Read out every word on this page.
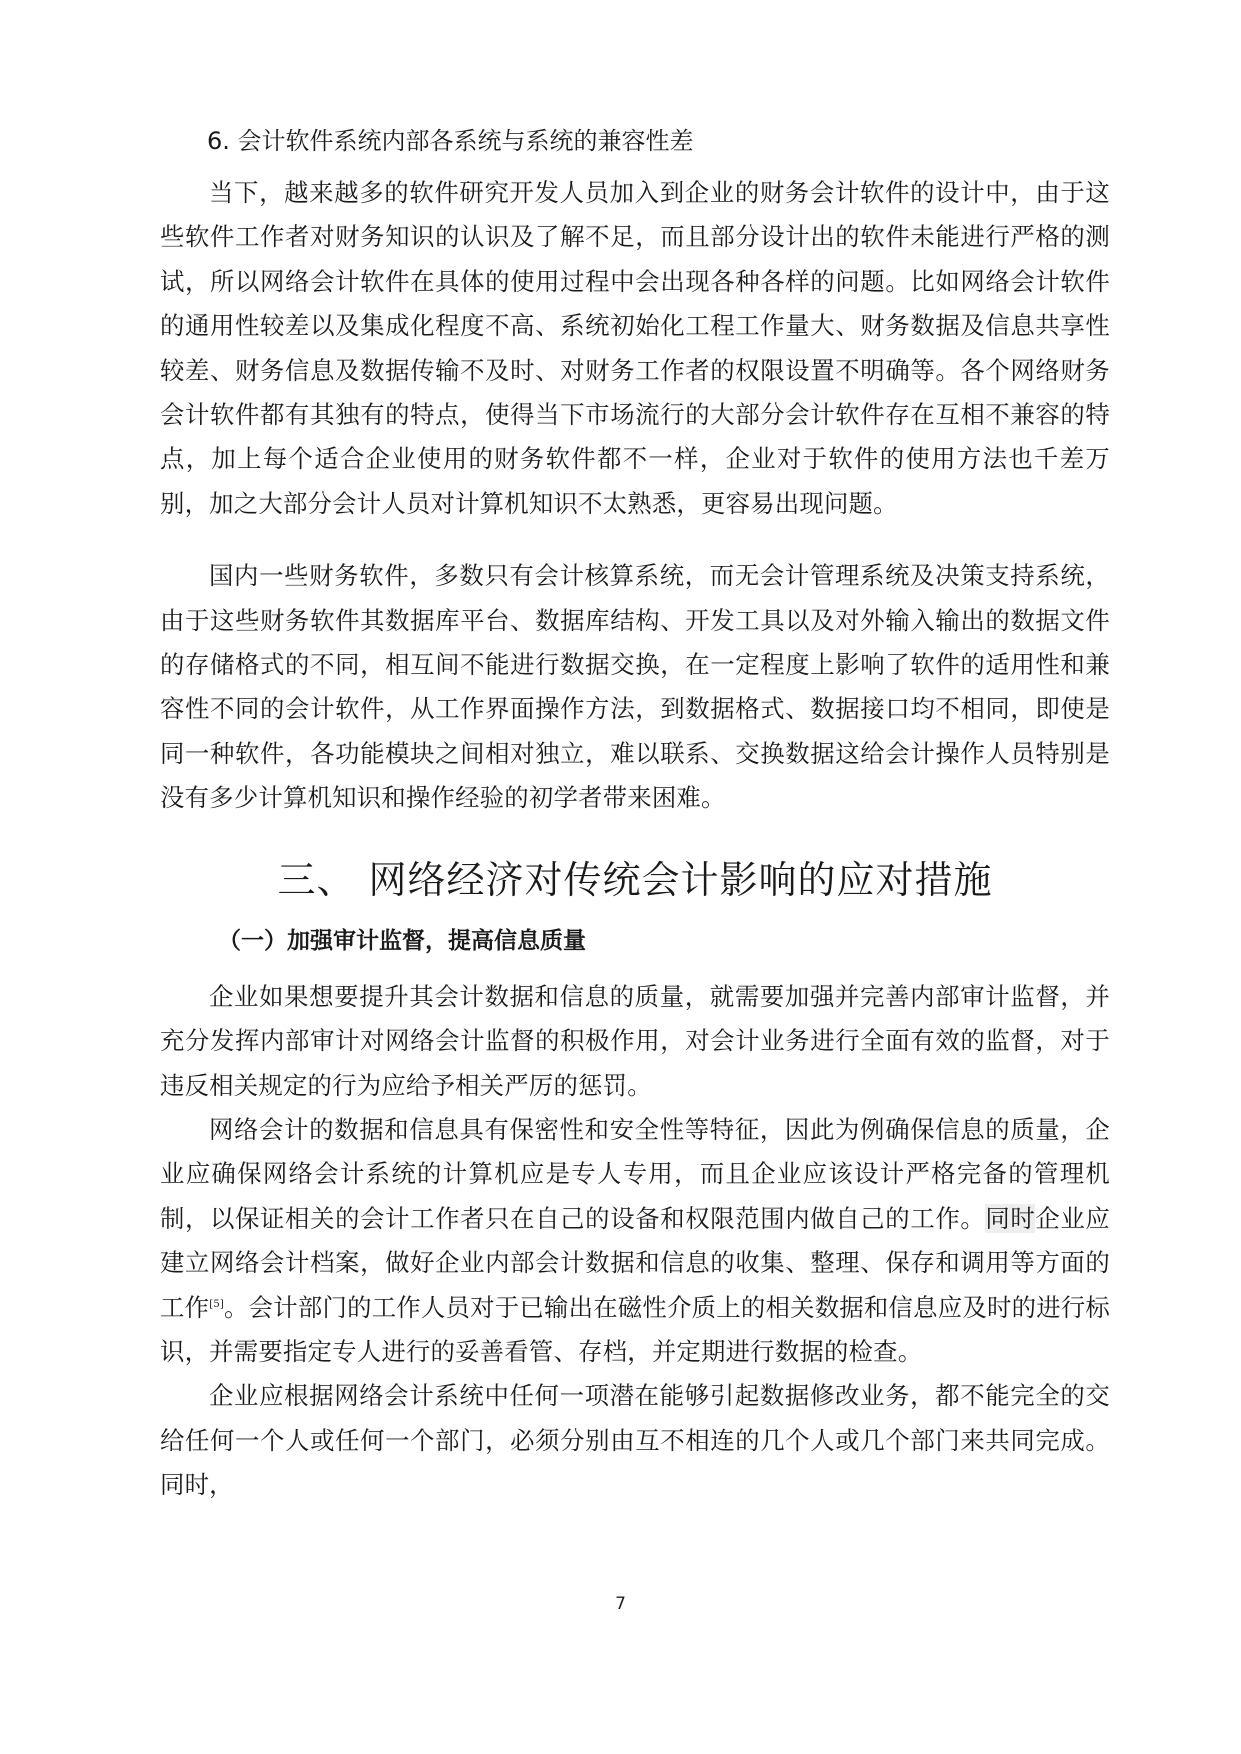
6. 会计软件系统内部各系统与系统的兼容性差

当下，越来越多的软件研究开发人员加入到企业的财务会计软件的设计中，由于这些软件工作者对财务知识的认识及了解不足，而且部分设计出的软件未能进行严格的测试，所以网络会计软件在具体的使用过程中会出现各种各样的问题。比如网络会计软件的通用性较差以及集成化程度不高、系统初始化工程工作量大、财务数据及信息共享性较差、财务信息及数据传输不及时、对财务工作者的权限设置不明确等。各个网络财务会计软件都有其独有的特点，使得当下市场流行的大部分会计软件存在互相不兼容的特点，加上每个适合企业使用的财务软件都不一样，企业对于软件的使用方法也千差万别，加之大部分会计人员对计算机知识不太熟悉，更容易出现问题。

国内一些财务软件，多数只有会计核算系统，而无会计管理系统及决策支持系统，由于这些财务软件其数据库平台、数据库结构、开发工具以及对外输入输出的数据文件的存储格式的不同，相互间不能进行数据交换，在一定程度上影响了软件的适用性和兼容性不同的会计软件，从工作界面操作方法，到数据格式、数据接口均不相同，即使是同一种软件，各功能模块之间相对独立，难以联系、交换数据这给会计操作人员特别是没有多少计算机知识和操作经验的初学者带来困难。

三、 网络经济对传统会计影响的应对措施
（一）加强审计监督，提高信息质量

企业如果想要提升其会计数据和信息的质量，就需要加强并完善内部审计监督，并充分发挥内部审计对网络会计监督的积极作用，对会计业务进行全面有效的监督，对于违反相关规定的行为应给予相关严厉的惩罚。

网络会计的数据和信息具有保密性和安全性等特征，因此为例确保信息的质量，企业应确保网络会计系统的计算机应是专人专用，而且企业应该设计严格完备的管理机制，以保证相关的会计工作者只在自己的设备和权限范围内做自己的工作。同时企业应建立网络会计档案，做好企业内部会计数据和信息的收集、整理、保存和调用等方面的工作[5]。会计部门的工作人员对于已输出在磁性介质上的相关数据和信息应及时的进行标识，并需要指定专人进行的妥善看管、存档，并定期进行数据的检查。

企业应根据网络会计系统中任何一项潜在能够引起数据修改业务，都不能完全的交给任何一个人或任何一个部门，必须分别由互不相连的几个人或几个部门来共同完成。同时，

7
